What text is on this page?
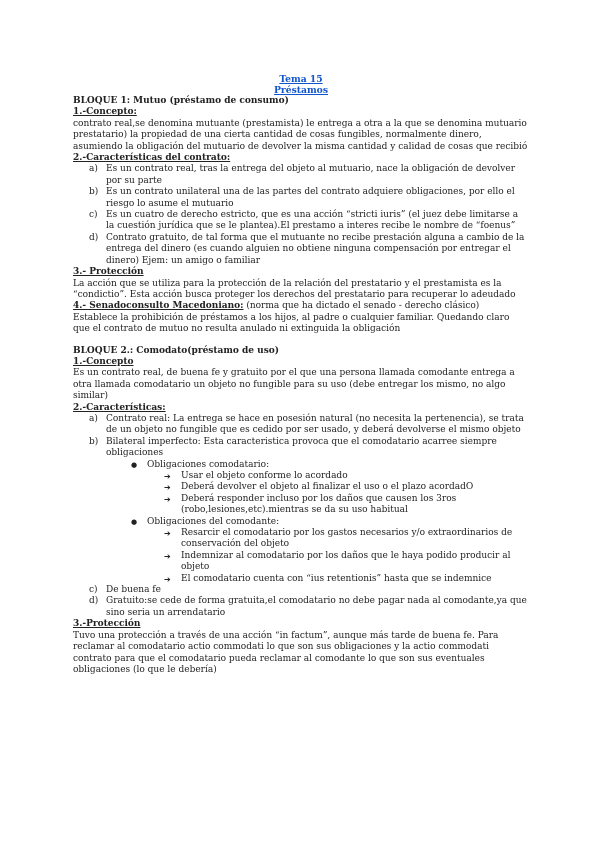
Tema 15
Préstamos
BLOQUE 1: Mutuo (préstamo de consumo)
1.-Concepto:

contrato real,se denomina mutuante (prestamista) le entrega a otra a la que se denomina mutuario prestatario) la propiedad de una cierta cantidad de cosas fungibles, normalmente dinero, asumiendo la obligación del mutuario de devolver la misma cantidad y calidad de cosas que recibió

2.-Características del contrato:
a) Es un contrato real, tras la entrega del objeto al mutuario, nace la obligación de devolver por su parte
b) Es un contrato unilateral una de las partes del contrato adquiere obligaciones, por ello el riesgo lo asume el mutuario
c) Es un cuatro de derecho estricto, que es una acción “stricti iuris” (el juez debe limitarse a la cuestión jurídica que se le plantea).El prestamo a interes recibe le nombre de “foenus”
d) Contrato gratuito, de tal forma que el mutuante no recibe prestación alguna a cambio de la entrega del dinero (es cuando alguien no obtiene ninguna compensación por entregar el dinero) Ejem: un amigo o familiar
3.- Protección

La acción que se utiliza para la protección de la relación del prestatario y el prestamista es la “condictio”. Esta acción busca proteger los derechos del prestatario para recuperar lo adeudado

4.- Senadoconsulto Macedoniano: (norma que ha dictado el senado - derecho clásico)

Establece la prohibición de préstamos a los hijos, al padre o cualquier familiar. Quedando claro que el contrato de mutuo no resulta anulado ni extinguida la obligación

BLOQUE 2.: Comodato(préstamo de uso)
1.-Concepto

Es un contrato real, de buena fe y gratuito por el que una persona llamada comodante entrega a otra llamada comodatario un objeto no fungible para su uso (debe entregar los mismo, no algo similar)

2.-Características:
a) Contrato real: La entrega se hace en posesión natural (no necesita la pertenencia), se trata de un objeto no fungible que es cedido por ser usado, y deberá devolverse el mismo objeto
b) Bilateral imperfecto: Esta caracteristica provoca que el comodatario acarree siempre obligaciones
● Obligaciones comodatario:
➔ Usar el objeto conforme lo acordado
➔ Deberá devolver el objeto al finalizar el uso o el plazo acordadO
➔ Deberá responder incluso por los daños que causen los 3ros (robo,lesiones,etc).mientras se da su uso habitual
● Obligaciones del comodante:
➔ Resarcir el comodatario por los gastos necesarios y/o extraordinarios de conservación del objeto
➔ Indemnizar al comodatario por los daños que le haya podido producir al objeto
➔ El comodatario cuenta con “ius retentionis” hasta que se indemnice
c) De buena fe
d) Gratuito:se cede de forma gratuita,el comodatario no debe pagar nada al comodante,ya que sino seria un arrendatario
3.-Protección

Tuvo una protección a través de una acción “in factum”, aunque más tarde de buena fe. Para reclamar al comodatario actio commodati lo que son sus obligaciones y la actio commodati contrato para que el comodatario pueda reclamar al comodante lo que son sus eventuales obligaciones (lo que le debería)
